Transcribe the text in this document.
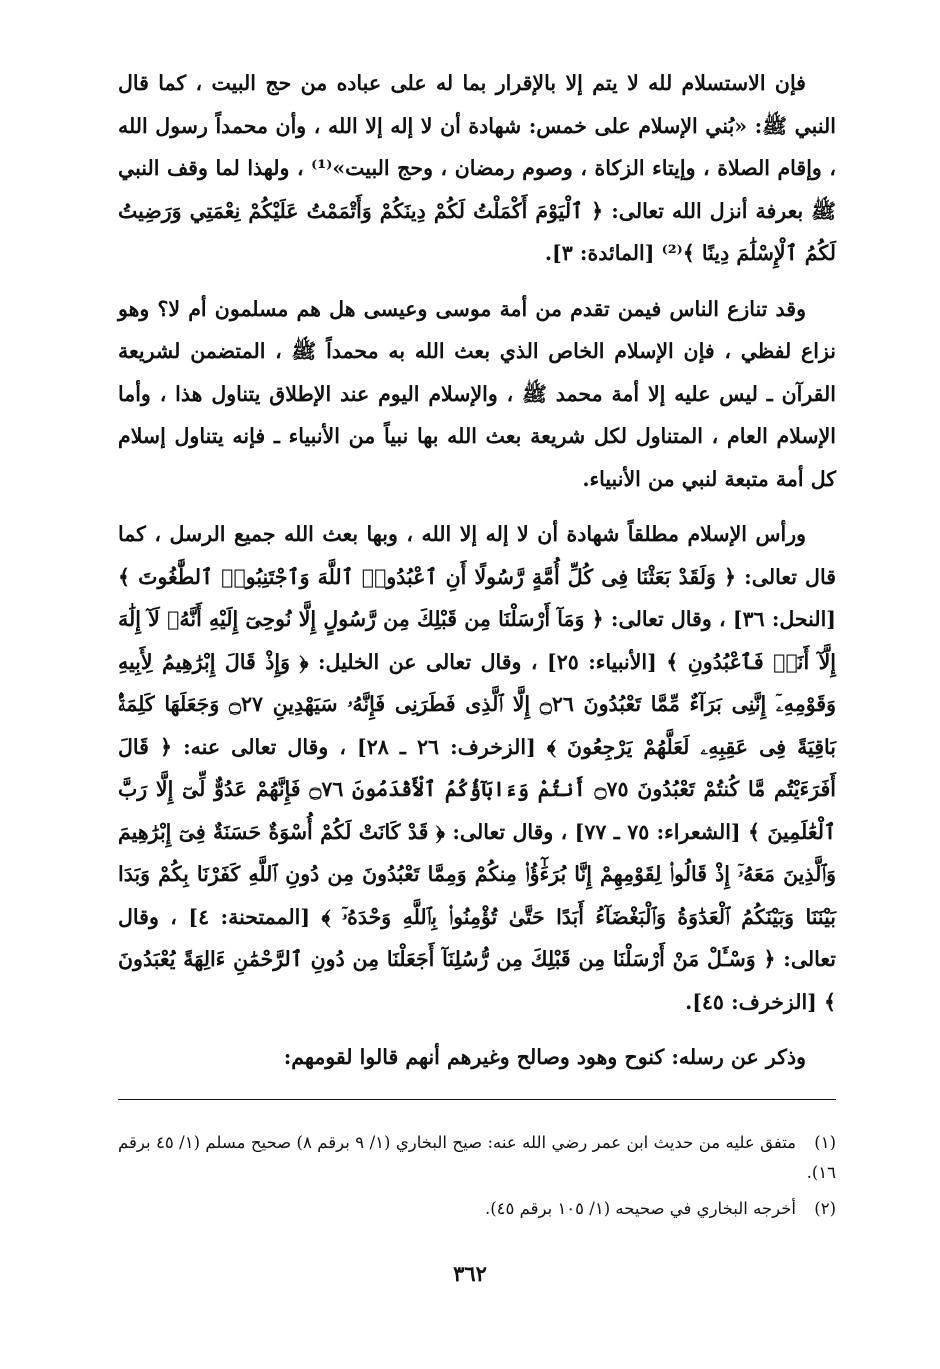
فإن الاستسلام لله لا يتم إلا بالإقرار بما له على عباده من حج البيت ، كما قال النبي ﷺ: «بُني الإسلام على خمس: شهادة أن لا إله إلا الله ، وأن محمداً رسول الله ، وإقام الصلاة ، وإيتاء الزكاة ، وصوم رمضان ، وحج البيت»⁽¹⁾ ، ولهذا لما وقف النبي ﷺ بعرفة أنزل الله تعالى: ﴿ ٱلْيَوْمَ أَكْمَلْتُ لَكُمْ دِينَكُمْ وَأَتْمَمْتُ عَلَيْكُمْ نِعْمَتِي وَرَضِيتُ لَكُمُ ٱلْإِسْلَٰمَ دِينًا ﴾⁽²⁾ [المائدة: ٣].

وقد تنازع الناس فيمن تقدم من أمة موسى وعيسى هل هم مسلمون أم لا؟ وهو نزاع لفظي ، فإن الإسلام الخاص الذي بعث الله به محمداً ﷺ ، المتضمن لشريعة القرآن ـ ليس عليه إلا أمة محمد ﷺ ، والإسلام اليوم عند الإطلاق يتناول هذا ، وأما الإسلام العام ، المتناول لكل شريعة بعث الله بها نبياً من الأنبياء ـ فإنه يتناول إسلام كل أمة متبعة لنبي من الأنبياء.

ورأس الإسلام مطلقاً شهادة أن لا إله إلا الله ، وبها بعث الله جميع الرسل ، كما قال تعالى: ﴿ وَلَقَدْ بَعَثْنَا فِى كُلِّ أُمَّةٍ رَّسُولًا أَنِ ٱعْبُدُوا۟ ٱللَّهَ وَٱجْتَنِبُوا۟ ٱلطَّٰغُوتَ ﴾ [النحل: ٣٦] ، وقال تعالى: ﴿ وَمَآ أَرْسَلْنَا مِن قَبْلِكَ مِن رَّسُولٍ إِلَّا نُوحِىٓ إِلَيْهِ أَنَّهُۥ لَآ إِلَٰهَ إِلَّآ أَنَا۠ فَٱعْبُدُونِ ﴾ [الأنبياء: ٢٥] ، وقال تعالى عن الخليل: ﴿ وَإِذْ قَالَ إِبْرَٰهِيمُ لِأَبِيهِ وَقَوْمِهِۦٓ إِنَّنِى بَرَآءٌ مِّمَّا تَعْبُدُونَ ۝٢٦ إِلَّا ٱلَّذِى فَطَرَنِى فَإِنَّهُۥ سَيَهْدِينِ ۝٢٧ وَجَعَلَهَا كَلِمَةًۢ بَاقِيَةً فِى عَقِبِهِۦ لَعَلَّهُمْ يَرْجِعُونَ ﴾ [الزخرف: ٢٦ ـ ٢٨] ، وقال تعالى عنه: ﴿ قَالَ أَفَرَءَيْتُم مَّا كُنتُمْ تَعْبُدُونَ ۝٧٥ أَنتُمْ وَءَابَآؤُكُمُ ٱلْأَقْدَمُونَ ۝٧٦ فَإِنَّهُمْ عَدُوٌّ لِّىٓ إِلَّا رَبَّ ٱلْعَٰلَمِينَ ﴾ [الشعراء: ٧٥ ـ ٧٧] ، وقال تعالى: ﴿ قَدْ كَانَتْ لَكُمْ أُسْوَةٌ حَسَنَةٌ فِىٓ إِبْرَٰهِيمَ وَٱلَّذِينَ مَعَهُۥٓ إِذْ قَالُوا۟ لِقَوْمِهِمْ إِنَّا بُرَءَٰٓؤُا۟ مِنكُمْ وَمِمَّا تَعْبُدُونَ مِن دُونِ ٱللَّهِ كَفَرْنَا بِكُمْ وَبَدَا بَيْنَنَا وَبَيْنَكُمُ ٱلْعَدَٰوَةُ وَٱلْبَغْضَآءُ أَبَدًا حَتَّىٰ تُؤْمِنُوا۟ بِٱللَّهِ وَحْدَهُۥٓ ﴾ [الممتحنة: ٤] ، وقال تعالى: ﴿ وَسْـَٔلْ مَنْ أَرْسَلْنَا مِن قَبْلِكَ مِن رُّسُلِنَآ أَجَعَلْنَا مِن دُونِ ٱلرَّحْمَٰنِ ءَالِهَةً يُعْبَدُونَ ﴾ [الزخرف: ٤٥].

وذكر عن رسله: كنوح وهود وصالح وغيرهم أنهم قالوا لقومهم:

(١)متفق عليه من حديث ابن عمر رضي الله عنه: صيح البخاري (١/ ٩ برقم ٨) صحيح مسلم (١/ ٤٥ برقم ١٦).
(٢)أخرجه البخاري في صحيحه (١/ ١٠٥ برقم ٤٥).
٣٦٢
